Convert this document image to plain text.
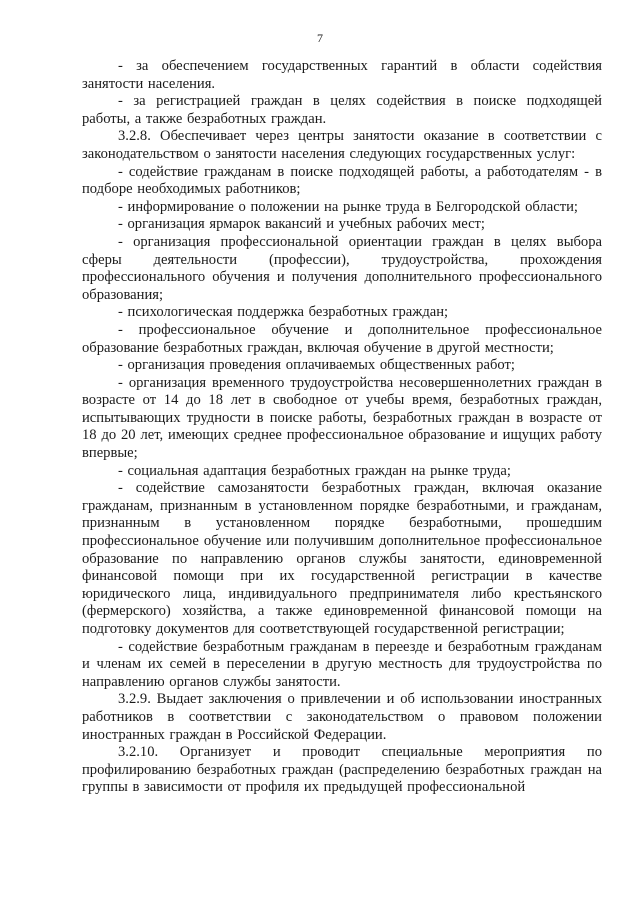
7

- за обеспечением государственных гарантий в области содействия занятости населения.

- за регистрацией граждан в целях содействия в поиске подходящей работы, а также безработных граждан.

3.2.8. Обеспечивает через центры занятости оказание в соответствии с законодательством о занятости населения следующих государственных услуг:

- содействие гражданам в поиске подходящей работы, а работодателям - в подборе необходимых работников;

- информирование о положении на рынке труда в Белгородской области;

- организация ярмарок вакансий и учебных рабочих мест;

- организация профессиональной ориентации граждан в целях выбора сферы деятельности (профессии), трудоустройства, прохождения профессионального обучения и получения дополнительного профессионального образования;

- психологическая поддержка безработных граждан;

- профессиональное обучение и дополнительное профессиональное образование безработных граждан, включая обучение в другой местности;

- организация проведения оплачиваемых общественных работ;

- организация временного трудоустройства несовершеннолетних граждан в возрасте от 14 до 18 лет в свободное от учебы время, безработных граждан, испытывающих трудности в поиске работы, безработных граждан в возрасте от 18 до 20 лет, имеющих среднее профессиональное образование и ищущих работу впервые;

- социальная адаптация безработных граждан на рынке труда;

- содействие самозанятости безработных граждан, включая оказание гражданам, признанным в установленном порядке безработными, и гражданам, признанным в установленном порядке безработными, прошедшим профессиональное обучение или получившим дополнительное профессиональное образование по направлению органов службы занятости, единовременной финансовой помощи при их государственной регистрации в качестве юридического лица, индивидуального предпринимателя либо крестьянского (фермерского) хозяйства, а также единовременной финансовой помощи на подготовку документов для соответствующей государственной регистрации;

- содействие безработным гражданам в переезде и безработным гражданам и членам их семей в переселении в другую местность для трудоустройства по направлению органов службы занятости.

3.2.9. Выдает заключения о привлечении и об использовании иностранных работников в соответствии с законодательством о правовом положении иностранных граждан в Российской Федерации.

3.2.10. Организует и проводит специальные мероприятия по профилированию безработных граждан (распределению безработных граждан на группы в зависимости от профиля их предыдущей профессиональной
